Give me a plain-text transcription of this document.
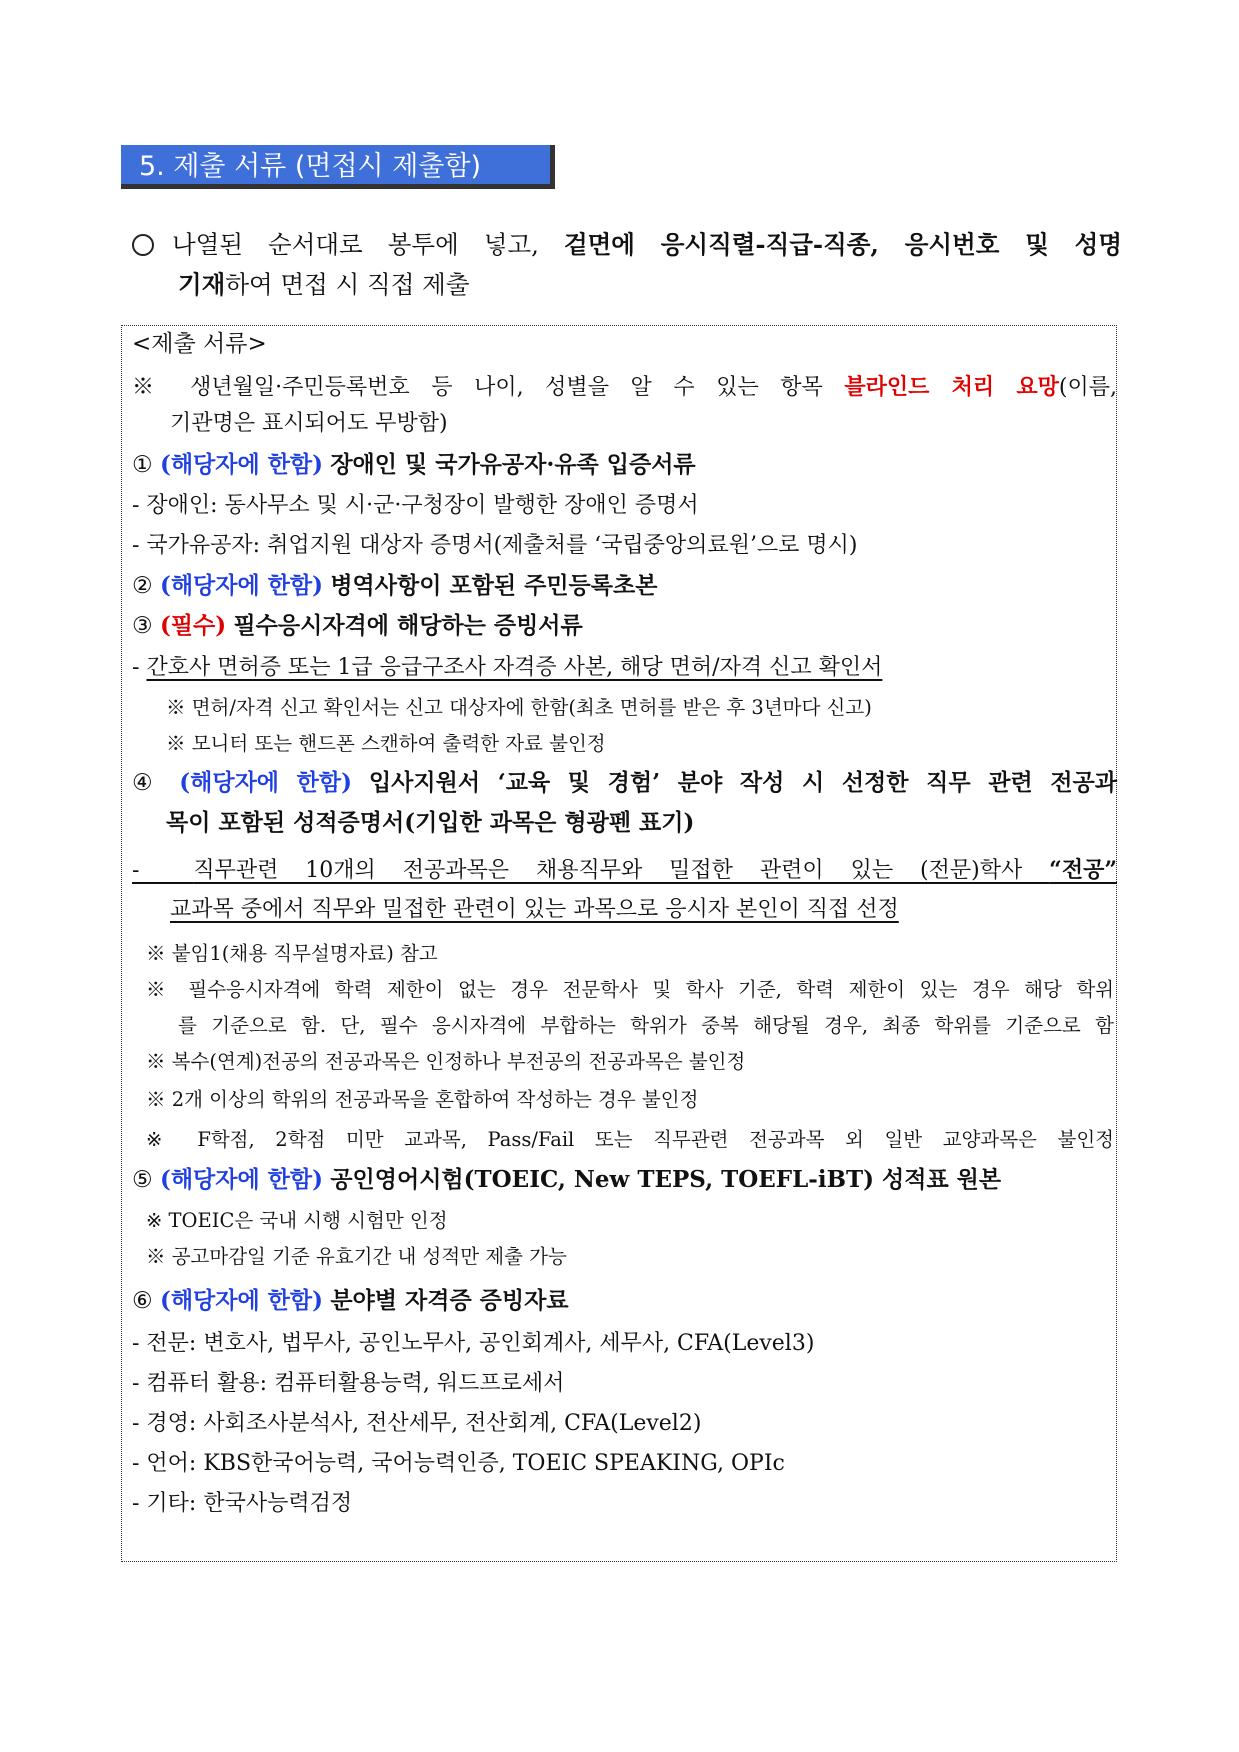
5. 제출 서류 (면접시 제출함)
나열된 순서대로 봉투에 넣고, 겉면에 응시직렬-직급-직종, 응시번호 및 성명
기재하여 면접 시 직접 제출
<제출 서류>
※ 생년월일·주민등록번호 등 나이, 성별을 알 수 있는 항목 블라인드 처리 요망(이름,
기관명은 표시되어도 무방함)
① (해당자에 한함) 장애인 및 국가유공자·유족 입증서류
- 장애인: 동사무소 및 시·군·구청장이 발행한 장애인 증명서
- 국가유공자: 취업지원 대상자 증명서(제출처를 ‘국립중앙의료원’으로 명시)
② (해당자에 한함) 병역사항이 포함된 주민등록초본
③ (필수) 필수응시자격에 해당하는 증빙서류
- 간호사 면허증 또는 1급 응급구조사 자격증 사본, 해당 면허/자격 신고 확인서
※ 면허/자격 신고 확인서는 신고 대상자에 한함(최초 면허를 받은 후 3년마다 신고)
※ 모니터 또는 핸드폰 스캔하여 출력한 자료 불인정
④ (해당자에 한함) 입사지원서 ‘교육 및 경험’ 분야 작성 시 선정한 직무 관련 전공과
목이 포함된 성적증명서(기입한 과목은 형광펜 표기)
-  직무관련 10개의 전공과목은 채용직무와 밀접한 관련이 있는 (전문)학사 “전공”
교과목 중에서 직무와 밀접한 관련이 있는 과목으로 응시자 본인이 직접 선정
※ 붙임1(채용 직무설명자료) 참고
※ 필수응시자격에 학력 제한이 없는 경우 전문학사 및 학사 기준, 학력 제한이 있는 경우 해당 학위
를 기준으로 함. 단, 필수 응시자격에 부합하는 학위가 중복 해당될 경우, 최종 학위를 기준으로 함
※ 복수(연계)전공의 전공과목은 인정하나 부전공의 전공과목은 불인정
※ 2개 이상의 학위의 전공과목을 혼합하여 작성하는 경우 불인정
※ F학점, 2학점 미만 교과목, Pass/Fail 또는 직무관련 전공과목 외 일반 교양과목은 불인정
⑤ (해당자에 한함) 공인영어시험(TOEIC, New TEPS, TOEFL-iBT) 성적표 원본
※ TOEIC은 국내 시행 시험만 인정
※ 공고마감일 기준 유효기간 내 성적만 제출 가능
⑥ (해당자에 한함) 분야별 자격증 증빙자료
- 전문: 변호사, 법무사, 공인노무사, 공인회계사, 세무사, CFA(Level3)
- 컴퓨터 활용: 컴퓨터활용능력, 워드프로세서
- 경영: 사회조사분석사, 전산세무, 전산회계, CFA(Level2)
- 언어: KBS한국어능력, 국어능력인증, TOEIC SPEAKING, OPIc
- 기타: 한국사능력검정
